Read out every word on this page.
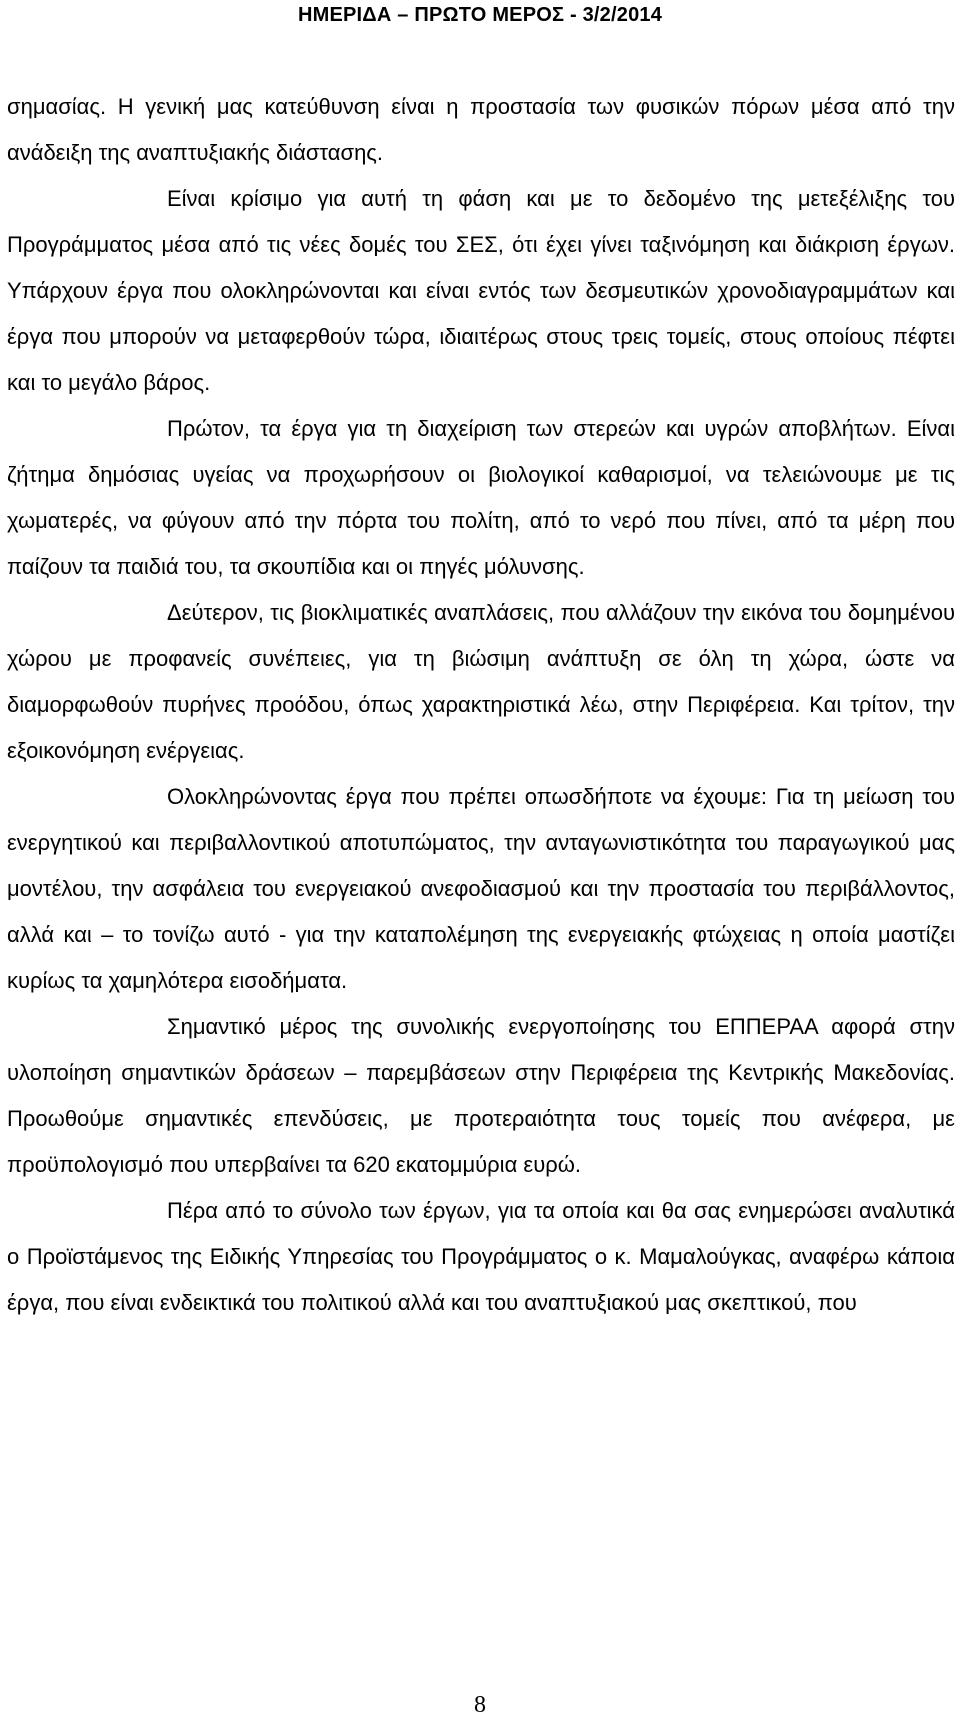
ΗΜΕΡΙΔΑ – ΠΡΩΤΟ ΜΕΡΟΣ - 3/2/2014

σημασίας. Η γενική μας κατεύθυνση είναι η προστασία των φυσικών πόρων μέσα από την ανάδειξη της αναπτυξιακής διάστασης.

Είναι κρίσιμο για αυτή τη φάση και με το δεδομένο της μετεξέλιξης του Προγράμματος μέσα από τις νέες δομές του ΣΕΣ, ότι έχει γίνει ταξινόμηση και διάκριση έργων. Υπάρχουν έργα που ολοκληρώνονται και είναι εντός των δεσμευτικών χρονοδιαγραμμάτων και έργα που μπορούν να μεταφερθούν τώρα, ιδιαιτέρως στους τρεις τομείς, στους οποίους πέφτει και το μεγάλο βάρος.

Πρώτον, τα έργα για τη διαχείριση των στερεών και υγρών αποβλήτων. Είναι ζήτημα δημόσιας υγείας να προχωρήσουν οι βιολογικοί καθαρισμοί, να τελειώνουμε με τις χωματερές, να φύγουν από την πόρτα του πολίτη, από το νερό που πίνει, από τα μέρη που παίζουν τα παιδιά του, τα σκουπίδια και οι πηγές μόλυνσης.

Δεύτερον, τις βιοκλιματικές αναπλάσεις, που αλλάζουν την εικόνα του δομημένου χώρου με προφανείς συνέπειες, για τη βιώσιμη ανάπτυξη σε όλη τη χώρα, ώστε να διαμορφωθούν πυρήνες προόδου, όπως χαρακτηριστικά λέω, στην Περιφέρεια. Και τρίτον, την εξοικονόμηση ενέργειας.

Ολοκληρώνοντας έργα που πρέπει οπωσδήποτε να έχουμε: Για τη μείωση του ενεργητικού και περιβαλλοντικού αποτυπώματος, την ανταγωνιστικότητα του παραγωγικού μας μοντέλου, την ασφάλεια του ενεργειακού ανεφοδιασμού και την προστασία του περιβάλλοντος, αλλά και – το τονίζω αυτό - για την καταπολέμηση της ενεργειακής φτώχειας η οποία μαστίζει κυρίως τα χαμηλότερα εισοδήματα.

Σημαντικό μέρος της συνολικής ενεργοποίησης του ΕΠΠΕΡΑΑ αφορά στην υλοποίηση σημαντικών δράσεων – παρεμβάσεων στην Περιφέρεια της Κεντρικής Μακεδονίας. Προωθούμε σημαντικές επενδύσεις, με προτεραιότητα τους τομείς που ανέφερα, με προϋπολογισμό που υπερβαίνει τα 620 εκατομμύρια ευρώ.

Πέρα από το σύνολο των έργων, για τα οποία και θα σας ενημερώσει αναλυτικά ο Προϊστάμενος της Ειδικής Υπηρεσίας του Προγράμματος ο κ. Μαμαλούγκας, αναφέρω κάποια έργα, που είναι ενδεικτικά του πολιτικού αλλά και του αναπτυξιακού μας σκεπτικού, που

8
